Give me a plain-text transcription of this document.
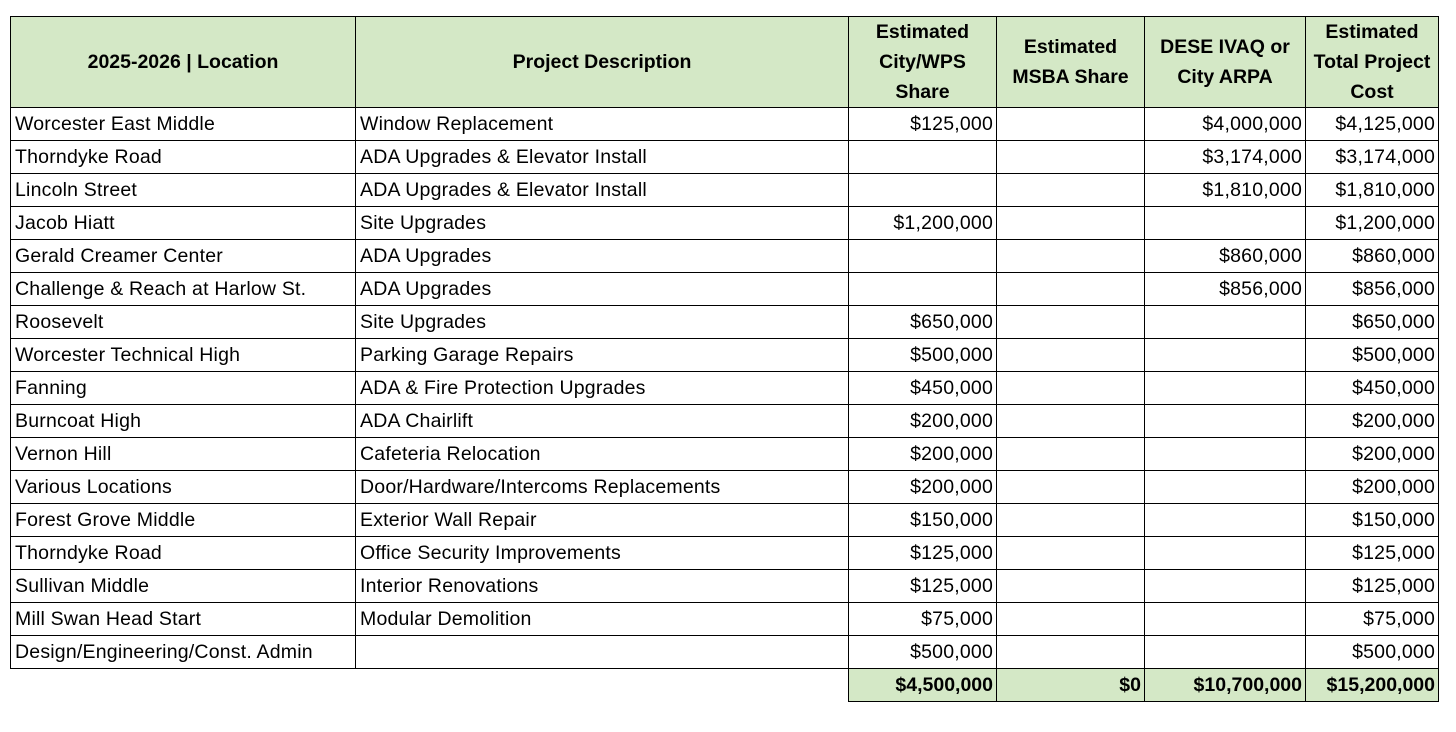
2025-2026 | Location	Project Description	Estimated City/WPS Share	Estimated MSBA Share	DESE IVAQ or City ARPA	Estimated Total Project Cost
Worcester East Middle	Window Replacement	$125,000		$4,000,000	$4,125,000
Thorndyke Road	ADA Upgrades & Elevator Install			$3,174,000	$3,174,000
Lincoln Street	ADA Upgrades & Elevator Install			$1,810,000	$1,810,000
Jacob Hiatt	Site Upgrades	$1,200,000			$1,200,000
Gerald Creamer Center	ADA Upgrades			$860,000	$860,000
Challenge & Reach at Harlow St.	ADA Upgrades			$856,000	$856,000
Roosevelt	Site Upgrades	$650,000			$650,000
Worcester Technical High	Parking Garage Repairs	$500,000			$500,000
Fanning	ADA & Fire Protection Upgrades	$450,000			$450,000
Burncoat High	ADA Chairlift	$200,000			$200,000
Vernon Hill	Cafeteria Relocation	$200,000			$200,000
Various Locations	Door/Hardware/Intercoms Replacements	$200,000			$200,000
Forest Grove Middle	Exterior Wall Repair	$150,000			$150,000
Thorndyke Road	Office Security Improvements	$125,000			$125,000
Sullivan Middle	Interior Renovations	$125,000			$125,000
Mill Swan Head Start	Modular Demolition	$75,000			$75,000
Design/Engineering/Const. Admin		$500,000			$500,000
		$4,500,000	$0	$10,700,000	$15,200,000
